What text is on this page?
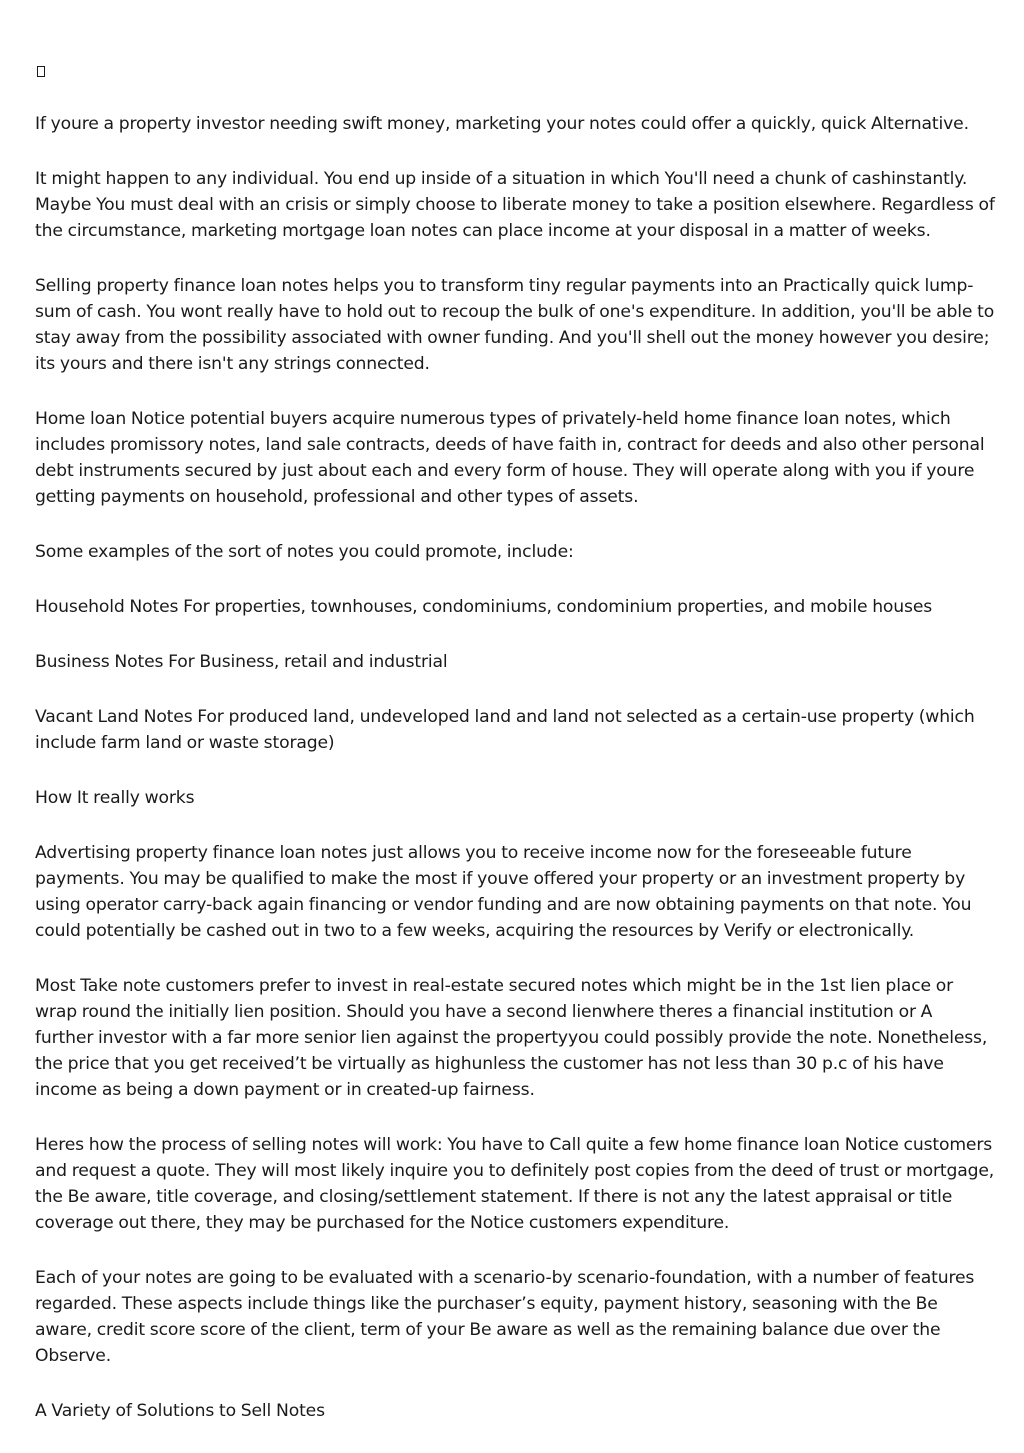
If youre a property investor needing swift money, marketing your notes could offer a quickly, quick Alternative.

It might happen to any individual. You end up inside of a situation in which You'll need a chunk of cashinstantly. Maybe You must deal with an crisis or simply choose to liberate money to take a position elsewhere. Regardless of the circumstance, marketing mortgage loan notes can place income at your disposal in a matter of weeks.

Selling property finance loan notes helps you to transform tiny regular payments into an Practically quick lump-sum of cash. You wont really have to hold out to recoup the bulk of one's expenditure. In addition, you'll be able to stay away from the possibility associated with owner funding. And you'll shell out the money however you desire; its yours and there isn't any strings connected.

Home loan Notice potential buyers acquire numerous types of privately-held home finance loan notes, which includes promissory notes, land sale contracts, deeds of have faith in, contract for deeds and also other personal debt instruments secured by just about each and every form of house. They will operate along with you if youre getting payments on household, professional and other types of assets.

Some examples of the sort of notes you could promote, include:

Household Notes For properties, townhouses, condominiums, condominium properties, and mobile houses

Business Notes For Business, retail and industrial

Vacant Land Notes For produced land, undeveloped land and land not selected as a certain-use property (which include farm land or waste storage)

How It really works

Advertising property finance loan notes just allows you to receive income now for the foreseeable future payments. You may be qualified to make the most if youve offered your property or an investment property by using operator carry-back again financing or vendor funding and are now obtaining payments on that note. You could potentially be cashed out in two to a few weeks, acquiring the resources by Verify or electronically.

Most Take note customers prefer to invest in real-estate secured notes which might be in the 1st lien place or wrap round the initially lien position. Should you have a second lienwhere theres a financial institution or A further investor with a far more senior lien against the propertyyou could possibly provide the note. Nonetheless, the price that you get received’t be virtually as highunless the customer has not less than 30 p.c of his have income as being a down payment or in created-up fairness.

Heres how the process of selling notes will work: You have to Call quite a few home finance loan Notice customers and request a quote. They will most likely inquire you to definitely post copies from the deed of trust or mortgage, the Be aware, title coverage, and closing/settlement statement. If there is not any the latest appraisal or title coverage out there, they may be purchased for the Notice customers expenditure.

Each of your notes are going to be evaluated with a scenario-by scenario-foundation, with a number of features regarded. These aspects include things like the purchaser’s equity, payment history, seasoning with the Be aware, credit score score of the client, term of your Be aware as well as the remaining balance due over the Observe.

A Variety of Solutions to Sell Notes
